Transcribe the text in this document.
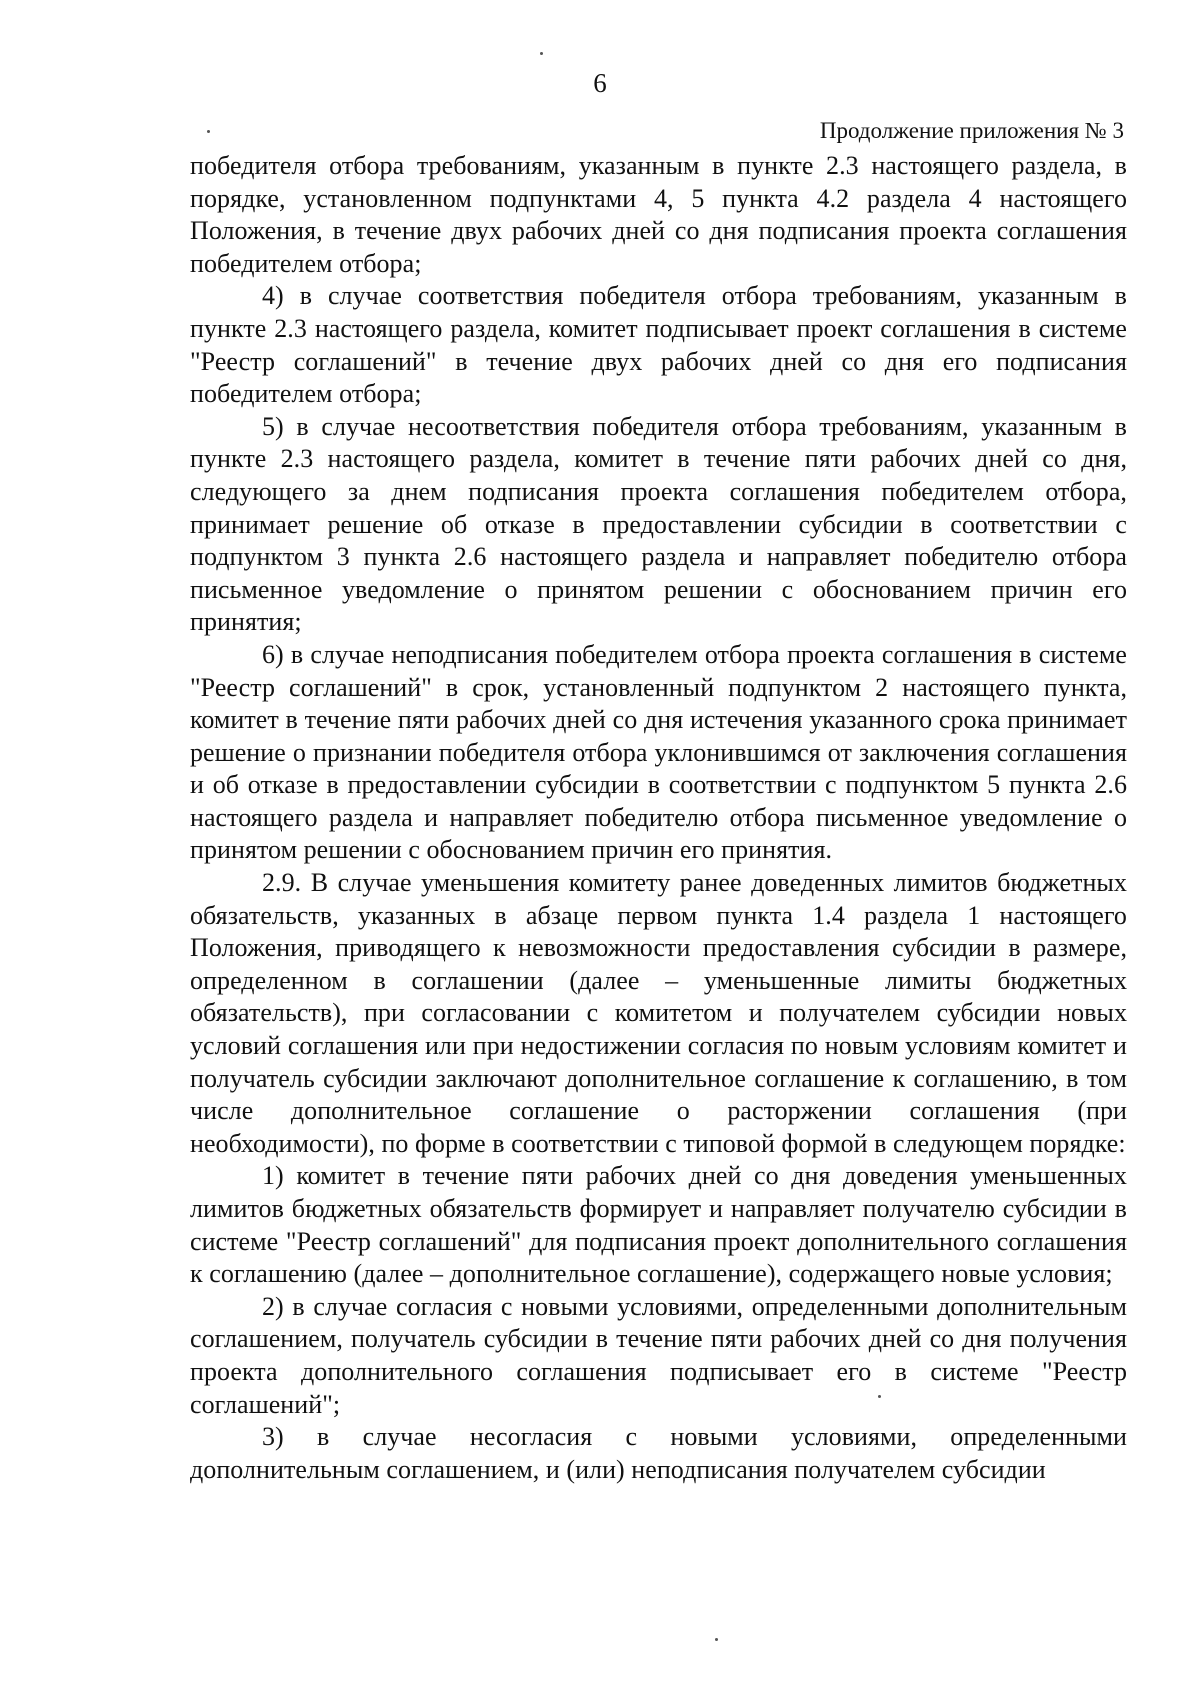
6
Продолжение приложения № 3

победителя отбора требованиям, указанным в пункте 2.3 настоящего раздела, в порядке, установленном подпунктами 4, 5 пункта 4.2 раздела 4 настоящего Положения, в течение двух рабочих дней со дня подписания проекта соглашения победителем отбора;

4) в случае соответствия победителя отбора требованиям, указанным в пункте 2.3 настоящего раздела, комитет подписывает проект соглашения в системе "Реестр соглашений" в течение двух рабочих дней со дня его подписания победителем отбора;

5) в случае несоответствия победителя отбора требованиям, указанным в пункте 2.3 настоящего раздела, комитет в течение пяти рабочих дней со дня, следующего за днем подписания проекта соглашения победителем отбора, принимает решение об отказе в предоставлении субсидии в соответствии с подпунктом 3 пункта 2.6 настоящего раздела и направляет победителю отбора письменное уведомление о принятом решении с обоснованием причин его принятия;

6) в случае неподписания победителем отбора проекта соглашения в системе "Реестр соглашений" в срок, установленный подпунктом 2 настоящего пункта, комитет в течение пяти рабочих дней со дня истечения указанного срока принимает решение о признании победителя отбора уклонившимся от заключения соглашения и об отказе в предоставлении субсидии в соответствии с подпунктом 5 пункта 2.6 настоящего раздела и направляет победителю отбора письменное уведомление о принятом решении с обоснованием причин его принятия.

2.9. В случае уменьшения комитету ранее доведенных лимитов бюджетных обязательств, указанных в абзаце первом пункта 1.4 раздела 1 настоящего Положения, приводящего к невозможности предоставления субсидии в размере, определенном в соглашении (далее – уменьшенные лимиты бюджетных обязательств), при согласовании с комитетом и получателем субсидии новых условий соглашения или при недостижении согласия по новым условиям комитет и получатель субсидии заключают дополнительное соглашение к соглашению, в том числе дополнительное соглашение о расторжении соглашения (при необходимости), по форме в соответствии с типовой формой в следующем порядке:

1) комитет в течение пяти рабочих дней со дня доведения уменьшенных лимитов бюджетных обязательств формирует и направляет получателю субсидии в системе "Реестр соглашений" для подписания проект дополнительного соглашения к соглашению (далее – дополнительное соглашение), содержащего новые условия;

2) в случае согласия с новыми условиями, определенными дополнительным соглашением, получатель субсидии в течение пяти рабочих дней со дня получения проекта дополнительного соглашения подписывает его в системе "Реестр соглашений";

3) в случае несогласия с новыми условиями, определенными дополнительным соглашением, и (или) неподписания получателем субсидии
